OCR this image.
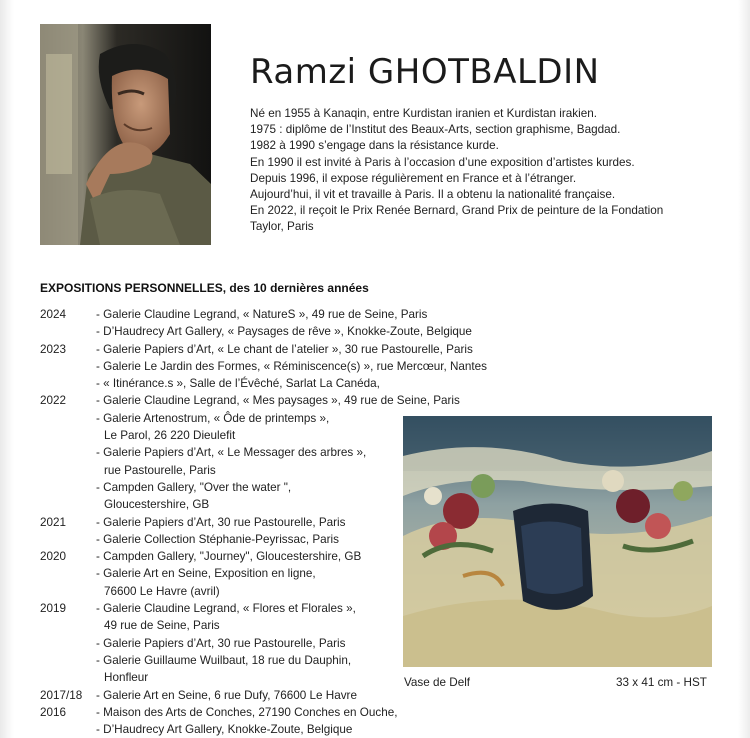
Ramzi GHOTBALDIN
Né en 1955 à Kanaqin, entre Kurdistan iranien et Kurdistan irakien.
1975 : diplôme de l’Institut des Beaux-Arts, section graphisme, Bagdad.
1982 à 1990 s’engage dans la résistance kurde.
En 1990 il est invité à Paris à l’occasion d’une exposition d’artistes kurdes.
Depuis 1996, il expose régulièrement en France et à l’étranger.
Aujourd’hui, il vit et travaille à Paris. Il a obtenu la nationalité française.
En 2022, il reçoit le Prix Renée Bernard, Grand Prix de peinture de la Fondation
Taylor, Paris
EXPOSITIONS PERSONNELLES, des 10 dernières années
2024	- Galerie Claudine Legrand, « NatureS », 49 rue de Seine, Paris
- D’Haudrecy Art Gallery, « Paysages de rêve », Knokke-Zoute, Belgique
2023	- Galerie Papiers d’Art, « Le chant de l’atelier », 30 rue Pastourelle, Paris
- Galerie Le Jardin des Formes, « Réminiscence(s) », rue Mercœur, Nantes
- « Itinérance.s », Salle de l’Évêché, Sarlat La Canéda,
2022	- Galerie Claudine Legrand, « Mes paysages », 49 rue de Seine, Paris
- Galerie Artenostrum, « Ôde de printemps »,
Le Parol, 26 220 Dieulefit
- Galerie Papiers d’Art, « Le Messager des arbres »,
rue Pastourelle, Paris
- Campden Gallery, "Over the water ",
Gloucestershire, GB
2021	- Galerie Papiers d’Art, 30 rue Pastourelle, Paris
- Galerie Collection Stéphanie-Peyrissac, Paris
2020	- Campden Gallery, "Journey", Gloucestershire, GB
- Galerie Art en Seine, Exposition en ligne,
76600 Le Havre (avril)
2019	- Galerie Claudine Legrand, « Flores et Florales »,
49 rue de Seine, Paris
- Galerie Papiers d’Art, 30 rue Pastourelle, Paris
- Galerie Guillaume Wuilbaut, 18 rue du Dauphin,
Honfleur
2017/18	- Galerie Art en Seine, 6 rue Dufy, 76600 Le Havre
2016	- Maison des Arts de Conches, 27190 Conches en Ouche,
- D’Haudrecy Art Gallery, Knokke-Zoute, Belgique
Vase de Delf	33 x 41 cm - HST
